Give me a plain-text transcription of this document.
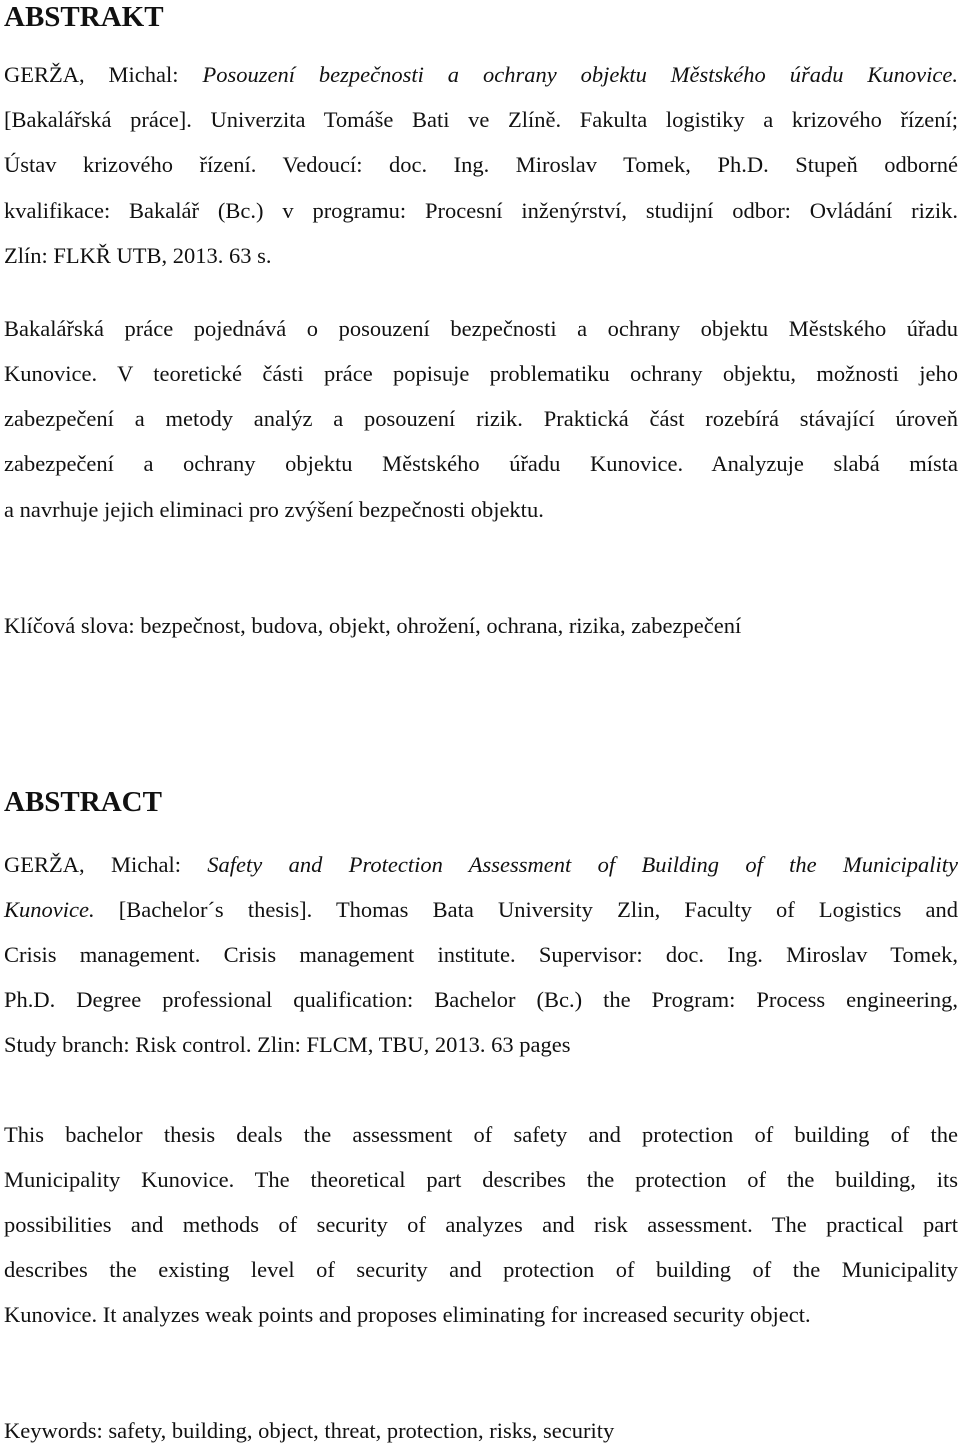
ABSTRAKT
GERŽA, Michal: Posouzení bezpečnosti a ochrany objektu Městského úřadu Kunovice.
[Bakalářská práce]. Univerzita Tomáše Bati ve Zlíně. Fakulta logistiky a krizového řízení;
Ústav krizového řízení. Vedoucí: doc. Ing. Miroslav Tomek, Ph.D. Stupeň odborné
kvalifikace: Bakalář (Bc.) v programu: Procesní inženýrství, studijní odbor: Ovládání rizik.
Zlín: FLKŘ UTB, 2013. 63 s.
Bakalářská práce pojednává o posouzení bezpečnosti a ochrany objektu Městského úřadu
Kunovice. V teoretické části práce popisuje problematiku ochrany objektu, možnosti jeho
zabezpečení a metody analýz a posouzení rizik. Praktická část rozebírá stávající úroveň
zabezpečení a ochrany objektu Městského úřadu Kunovice. Analyzuje slabá místa
a navrhuje jejich eliminaci pro zvýšení bezpečnosti objektu.
Klíčová slova: bezpečnost, budova, objekt, ohrožení, ochrana, rizika, zabezpečení
ABSTRACT
GERŽA, Michal: Safety and Protection Assessment of Building of the Municipality
Kunovice. [Bachelor´s thesis]. Thomas Bata University Zlin, Faculty of Logistics and
Crisis management. Crisis management institute. Supervisor: doc. Ing. Miroslav Tomek,
Ph.D. Degree professional qualification: Bachelor (Bc.) the Program: Process engineering,
Study branch: Risk control. Zlin: FLCM, TBU, 2013. 63 pages
This bachelor thesis deals the assessment of safety and protection of building of the
Municipality Kunovice. The theoretical part describes the protection of the building, its
possibilities and methods of security of analyzes and risk assessment. The practical part
describes the existing level of security and protection of building of the Municipality
Kunovice. It analyzes weak points and proposes eliminating for increased security object.
Keywords: safety, building, object, threat, protection, risks, security
